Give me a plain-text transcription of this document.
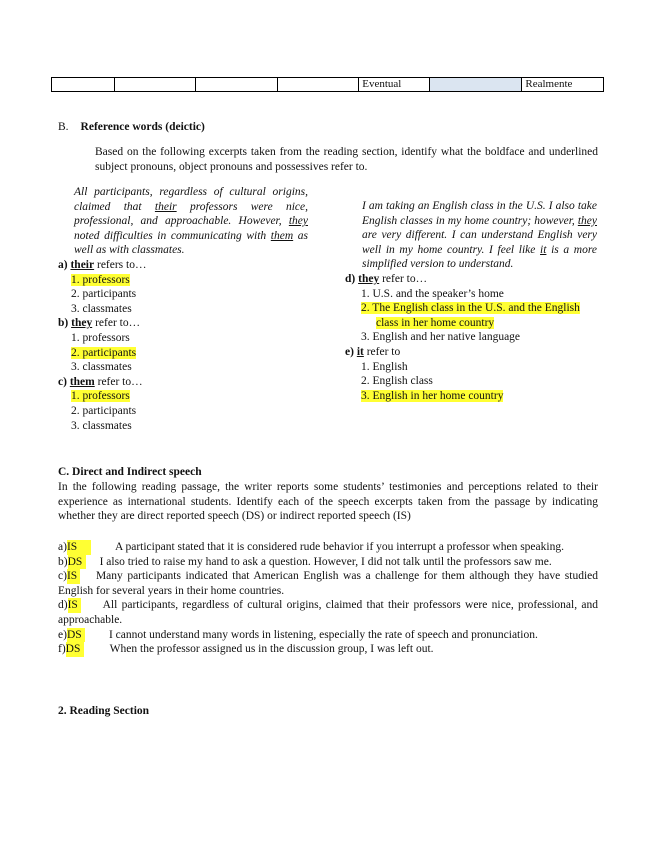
				Eventual		Realmente
B. Reference words (deictic)
Based on the following excerpts taken from the reading section, identify what the boldface and underlined subject pronouns, object pronouns and possessives refer to.
All participants, regardless of cultural origins, claimed that their professors were nice, professional, and approachable. However, they noted difficulties in communicating with them as well as with classmates.
a) their refers to…
1. professors
2. participants
3. classmates
b) they refer to…
1. professors
2. participants
3. classmates
c) them refer to…
1. professors
2. participants
3. classmates
I am taking an English class in the U.S. I also take English classes in my home country; however, they are very different. I can understand English very well in my home country. I feel like it is a more simplified version to understand.
d) they refer to…
1. U.S. and the speaker’s home
2. The English class in the U.S. and the English class in her home country
3. English and her native language
e) it refer to
1. English
2. English class
3. English in her home country
C. Direct and Indirect speech
In the following reading passage, the writer reports some students’ testimonies and perceptions related to their experience as international students. Identify each of the speech excerpts taken from the passage by indicating whether they are direct reported speech (DS) or indirect reported speech (IS)
a)IS	A participant stated that it is considered rude behavior if you interrupt a professor when speaking.
b)DS I also tried to raise my hand to ask a question. However, I did not talk until the professors saw me.
c)IS Many participants indicated that American English was a challenge for them although they have studied English for several years in their home countries.
d)IS All participants, regardless of cultural origins, claimed that their professors were nice, professional, and approachable.
e)DS I cannot understand many words in listening, especially the rate of speech and pronunciation.
f)DS	When the professor assigned us in the discussion group, I was left out.
2. Reading Section
